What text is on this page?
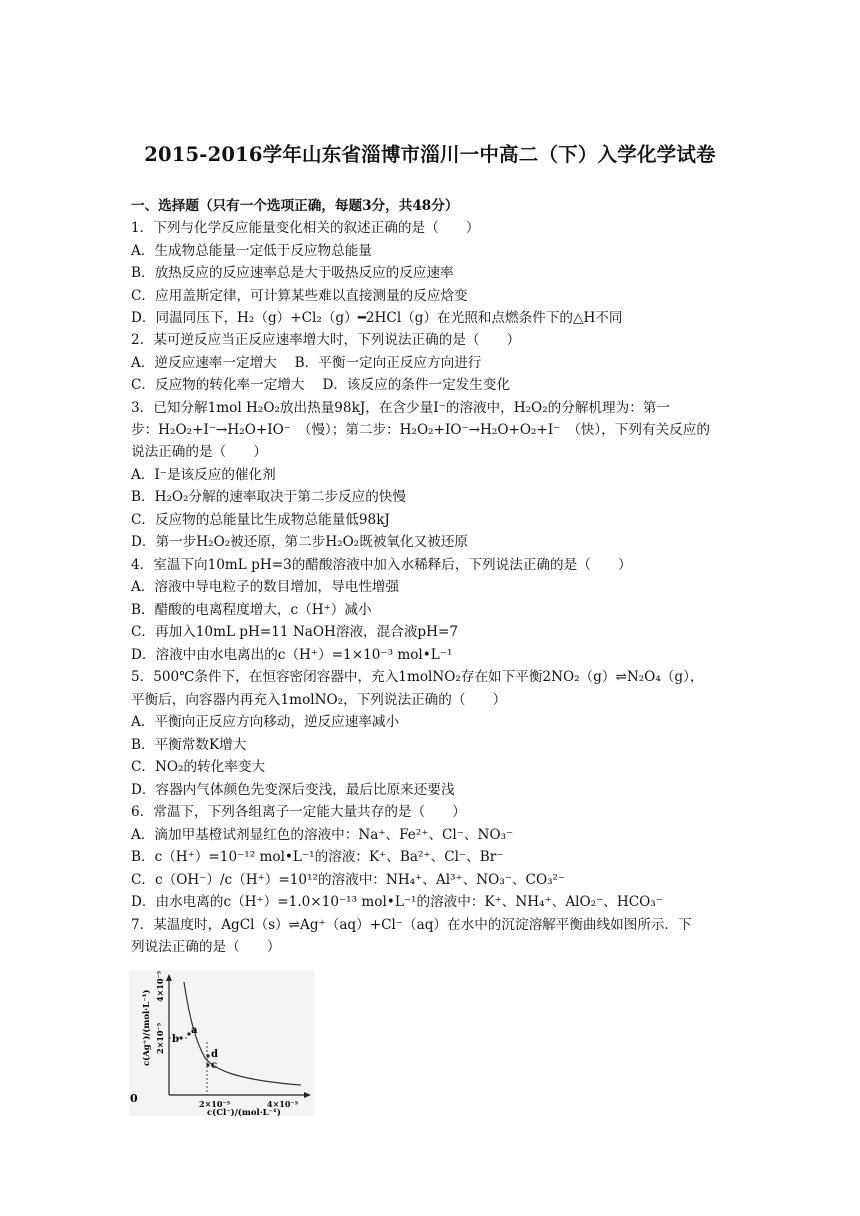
2015-2016学年山东省淄博市淄川一中高二（下）入学化学试卷
一、选择题（只有一个选项正确，每题3分，共48分）
1．下列与化学反应能量变化相关的叙述正确的是（　　）
A．生成物总能量一定低于反应物总能量
B．放热反应的反应速率总是大于吸热反应的反应速率
C．应用盖斯定律，可计算某些难以直接测量的反应焓变
D．同温同压下，H₂（g）+Cl₂（g）━2HCl（g）在光照和点燃条件下的△H不同
2．某可逆反应当正反应速率增大时，下列说法正确的是（　　）
A．逆反应速率一定增大　 B．平衡一定向正反应方向进行
C．反应物的转化率一定增大　 D．该反应的条件一定发生变化
3．已知分解1mol H₂O₂放出热量98kJ，在含少量I⁻的溶液中，H₂O₂的分解机理为：第一
步：H₂O₂+I⁻→H₂O+IO⁻　（慢）；第二步：H₂O₂+IO⁻→H₂O+O₂+I⁻　（快），下列有关反应的
说法正确的是（　　）
A．I⁻是该反应的催化剂
B．H₂O₂分解的速率取决于第二步反应的快慢
C．反应物的总能量比生成物总能量低98kJ
D．第一步H₂O₂被还原，第二步H₂O₂既被氧化又被还原
4．室温下向10mL pH=3的醋酸溶液中加入水稀释后，下列说法正确的是（　　）
A．溶液中导电粒子的数目增加，导电性增强
B．醋酸的电离程度增大，c（H⁺）减小
C．再加入10mL pH=11 NaOH溶液，混合液pH=7
D．溶液中由水电离出的c（H⁺）=1×10⁻³ mol•L⁻¹
5．500℃条件下，在恒容密闭容器中，充入1molNO₂存在如下平衡2NO₂（g）⇌N₂O₄（g），
平衡后，向容器内再充入1molNO₂，下列说法正确的（　　）
A．平衡向正反应方向移动，逆反应速率减小
B．平衡常数K增大
C．NO₂的转化率变大
D．容器内气体颜色先变深后变浅，最后比原来还要浅
6．常温下，下列各组离子一定能大量共存的是（　　）
A．滴加甲基橙试剂显红色的溶液中：Na⁺、Fe²⁺、Cl⁻、NO₃⁻
B．c（H⁺）=10⁻¹² mol•L⁻¹的溶液：K⁺、Ba²⁺、Cl⁻、Br⁻
C．c（OH⁻）/c（H⁺）=10¹²的溶液中：NH₄⁺、Al³⁺、NO₃⁻、CO₃²⁻
D．由水电离的c（H⁺）=1.0×10⁻¹³ mol•L⁻¹的溶液中：K⁺、NH₄⁺、AlO₂⁻、HCO₃⁻
7．某温度时，AgCl（s）⇌Ag⁺（aq）+Cl⁻（aq）在水中的沉淀溶解平衡曲线如图所示．下
列说法正确的是（　　）
a
b
c
d
0	2×10⁻⁵	4×10⁻⁵
4×10⁻⁵
2×10⁻⁵
c(Ag⁺)/(mol·L⁻¹)
c(Cl⁻)/(mol·L⁻¹)
